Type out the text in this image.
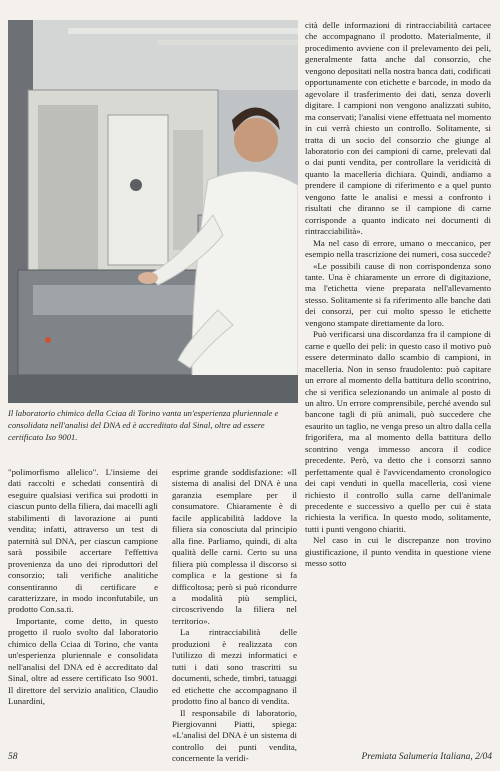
Il laboratorio chimico della Cciaa di Torino vanta un'esperienza pluriennale e consolidata nell'analisi del DNA ed è accreditato dal Sinal, oltre ad essere certificato Iso 9001.

cità delle informazioni di rintracciabilità cartacee che accompagnano il prodotto. Materialmente, il procedimento avviene con il prelevamento dei peli, generalmente fatta anche dal consorzio, che vengono depositati nella nostra banca dati, codificati opportunamente con etichette e barcode, in modo da agevolare il trasferimento dei dati, senza doverli digitare. I campioni non vengono analizzati subito, ma conservati; l'analisi viene effettuata nel momento in cui verrà chiesto un controllo. Solitamente, si tratta di un socio del consorzio che giunge al laboratorio con dei campioni di carne, prelevati dal o dai punti vendita, per controllare la veridicità di quanto la macelleria dichiara. Quindi, andiamo a prendere il campione di riferimento e a quel punto vengono fatte le analisi e messi a confronto i risultati che diranno se il campione di carne corrisponde a quanto indicato nei documenti di rintracciabilità».

Ma nel caso di errore, umano o meccanico, per esempio nella trascrizione dei numeri, cosa succede?

«Le possibili cause di non corrispondenza sono tante. Una è chiaramente un errore di digitazione, ma l'etichetta viene preparata nell'allevamento stesso. Solitamente si fa riferimento alle banche dati dei consorzi, per cui molto spesso le etichette vengono stampate direttamente da loro.

Può verificarsi una discordanza fra il campione di carne e quello dei peli: in questo caso il motivo può essere determinato dallo scambio di campioni, in macelleria. Non in senso fraudolento: può capitare un errore al momento della battitura dello scontrino, che si verifica selezionando un animale al posto di un altro. Un errore comprensibile, perché avendo sul bancone tagli di più animali, può succedere che esaurito un taglio, ne venga preso un altro dalla cella frigorifera, ma al momento della battitura dello scontrino venga immesso ancora il codice precedente. Però, va detto che i consorzi sanno perfettamente qual è l'avvicendamento cronologico dei capi venduti in quella macelleria, così viene richiesto il controllo sulla carne dell'animale precedente e successivo a quello per cui è stata richiesta la verifica. In questo modo, solitamente, tutti i punti vengono chiariti.

Nel caso in cui le discrepanze non trovino giustificazione, il punto vendita in questione viene messo sotto

"polimorfismo allelico". L'insieme dei dati raccolti e schedati consentirà di eseguire qualsiasi verifica sui prodotti in ciascun punto della filiera, dai macelli agli stabilimenti di lavorazione ai punti vendita; infatti, attraverso un test di paternità sul DNA, per ciascun campione sarà possibile accertare l'effettiva provenienza da uno dei riproduttori del consorzio; tali verifiche analitiche consentiranno di certificare e caratterizzare, in modo inconfutabile, un prodotto Con.sa.ti.

Importante, come detto, in questo progetto il ruolo svolto dal laboratorio chimico della Cciaa di Torino, che vanta un'esperienza pluriennale e consolidata nell'analisi del DNA ed è accreditato dal Sinal, oltre ad essere certificato Iso 9001. Il direttore del servizio analitico, Claudio Lunardini,

esprime grande soddisfazione: «Il sistema di analisi del DNA è una garanzia esemplare per il consumatore. Chiaramente è di facile applicabilità laddove la filiera sia conosciuta dal principio alla fine. Parliamo, quindi, di alta qualità delle carni. Certo su una filiera più complessa il discorso si complica e la gestione si fa difficoltosa; però si può ricondurre a modalità più semplici, circoscrivendo la filiera nel territorio».

La rintracciabilità delle produzioni è realizzata con l'utilizzo di mezzi informatici e tutti i dati sono trascritti su documenti, schede, timbri, tatuaggi ed etichette che accompagnano il prodotto fino al banco di vendita.

Il responsabile di laboratorio, Piergiovanni Piatti, spiega: «L'analisi del DNA è un sistema di controllo dei punti vendita, concernente la veridi-

58	Premiata Salumeria Italiana, 2/04
